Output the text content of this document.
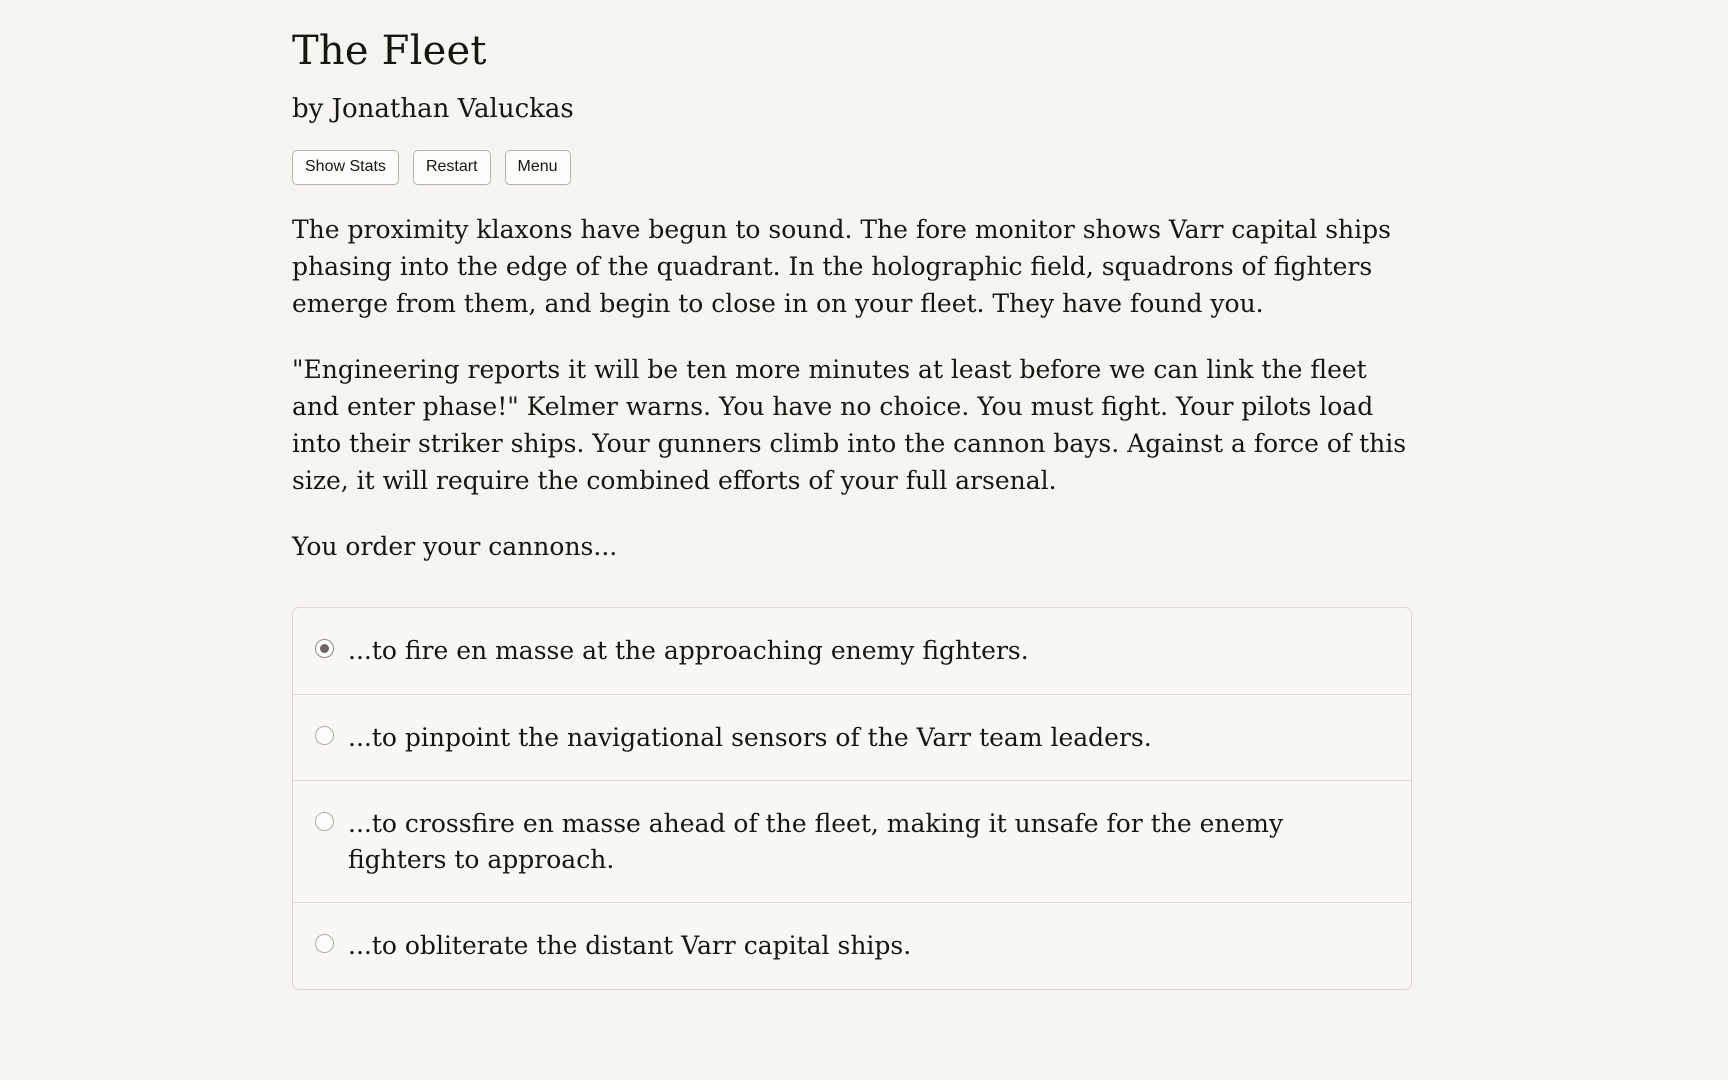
The Fleet
by Jonathan Valuckas
Show Stats	Restart	Menu

The proximity klaxons have begun to sound. The fore monitor shows Varr capital ships phasing into the edge of the quadrant. In the holographic field, squadrons of fighters emerge from them, and begin to close in on your fleet. They have found you.

"Engineering reports it will be ten more minutes at least before we can link the fleet and enter phase!" Kelmer warns. You have no choice. You must fight. Your pilots load into their striker ships. Your gunners climb into the cannon bays. Against a force of this size, it will require the combined efforts of your full arsenal.

You order your cannons...

...to fire en masse at the approaching enemy fighters.
...to pinpoint the navigational sensors of the Varr team leaders.
...to crossfire en masse ahead of the fleet, making it unsafe for the enemy fighters to approach.
...to obliterate the distant Varr capital ships.
